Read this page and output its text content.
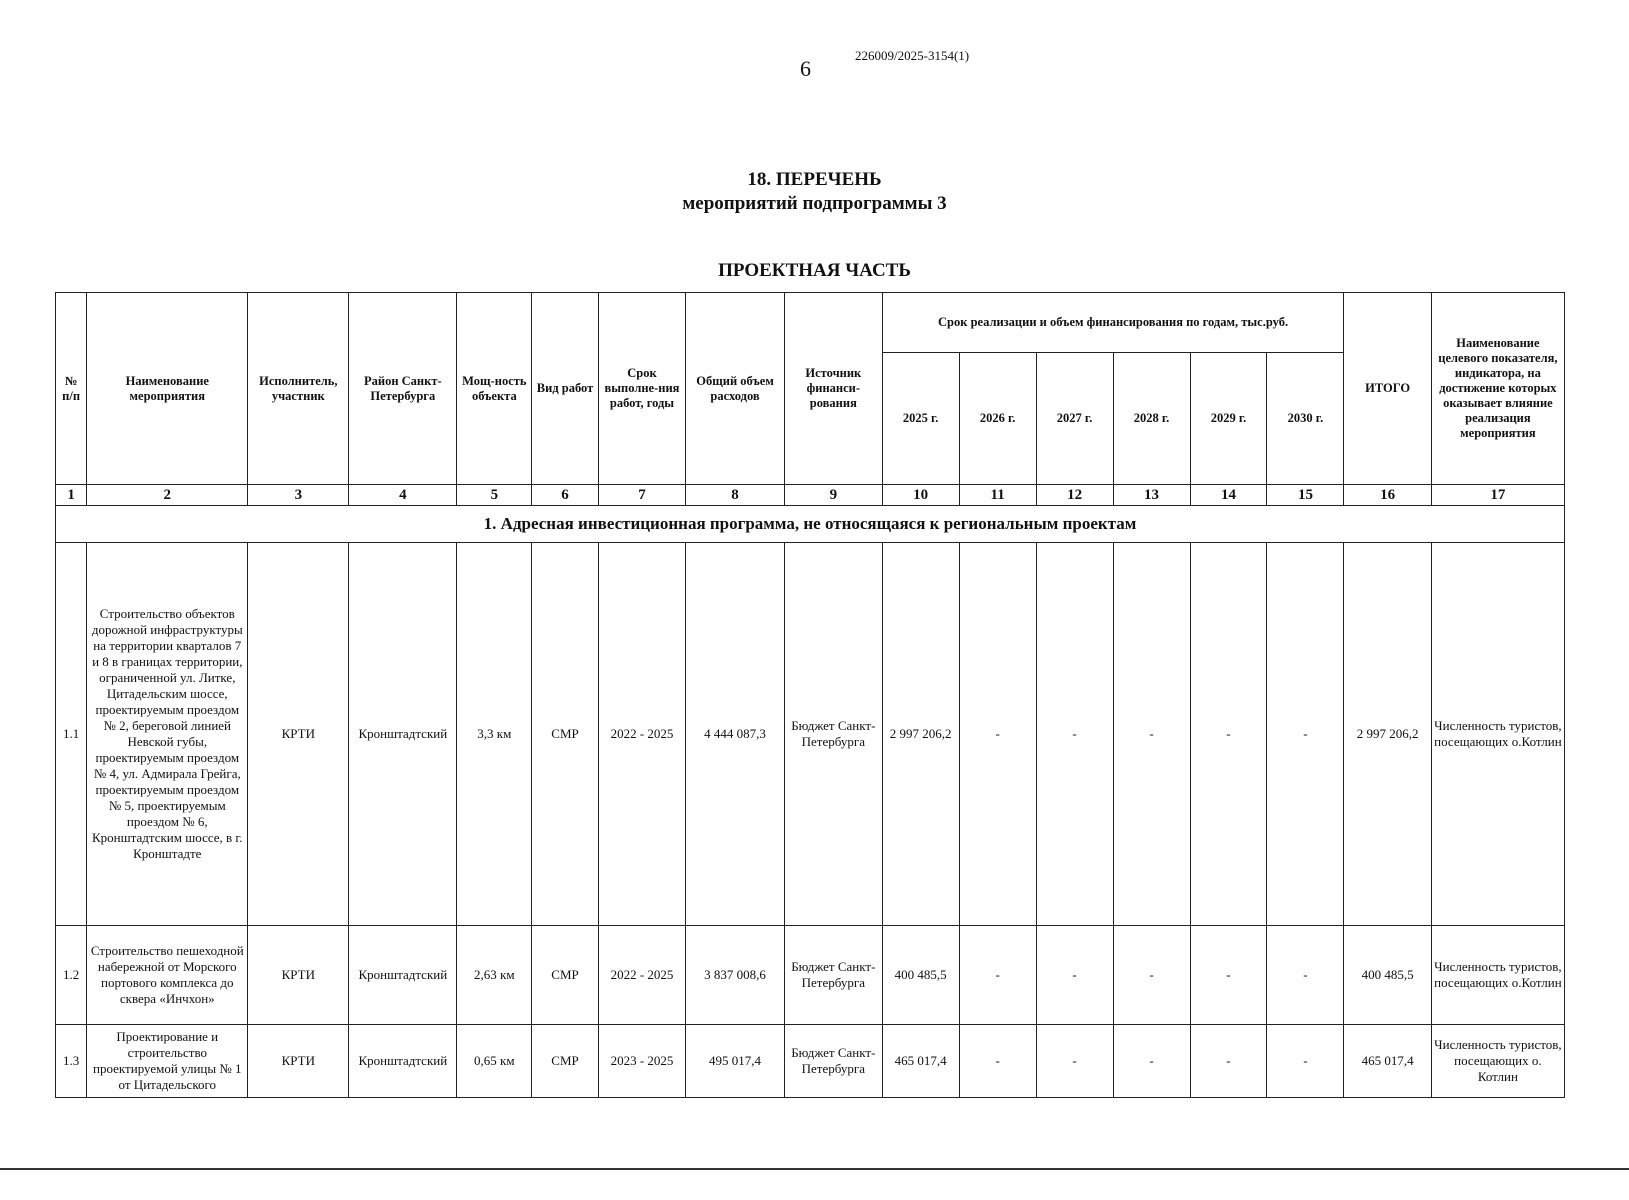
6
226009/2025-3154(1)
18. ПЕРЕЧЕНЬ
мероприятий подпрограммы 3
ПРОЕКТНАЯ ЧАСТЬ
№ п/п	Наименование мероприятия	Исполнитель, участник	Район Санкт-Петербурга	Мощ-ность объекта	Вид работ	Срок выполне-ния работ, годы	Общий объем расходов	Источник финанси-рования	Срок реализации и объем финансирования по годам, тыс.руб.						ИТОГО	Наименование целевого показателя, индикатора, на достижение которых оказывает влияние реализация мероприятия
									2025 г.	2026 г.	2027 г.	2028 г.	2029 г.	2030 г.		
1	2	3	4	5	6	7	8	9	10	11	12	13	14	15	16	17
1. Адресная инвестиционная программа, не относящаяся к региональным проектам																
1.1	Строительство объектов дорожной инфраструктуры на территории кварталов 7 и 8 в границах территории, ограниченной ул. Литке, Цитадельским шоссе, проектируемым проездом № 2, береговой линией Невской губы, проектируемым проездом № 4, ул. Адмирала Грейга, проектируемым проездом № 5, проектируемым проездом № 6, Кронштадтским шоссе, в г. Кронштадте	КРТИ	Кронштадтский	3,3 км	СМР	2022 - 2025	4 444 087,3	Бюджет Санкт-Петербурга	2 997 206,2	-	-	-	-	-	2 997 206,2	Численность туристов, посещающих о.Котлин
1.2	Строительство пешеходной набережной от Морского портового комплекса до сквера «Инчхон»	КРТИ	Кронштадтский	2,63 км	СМР	2022 - 2025	3 837 008,6	Бюджет Санкт-Петербурга	400 485,5	-	-	-	-	-	400 485,5	Численность туристов, посещающих о.Котлин
1.3	Проектирование и строительство проектируемой улицы № 1 от Цитадельского	КРТИ	Кронштадтский	0,65 км	СМР	2023 - 2025	495 017,4	Бюджет Санкт-Петербурга	465 017,4	-	-	-	-	-	465 017,4	Численность туристов, посещающих о. Котлин
